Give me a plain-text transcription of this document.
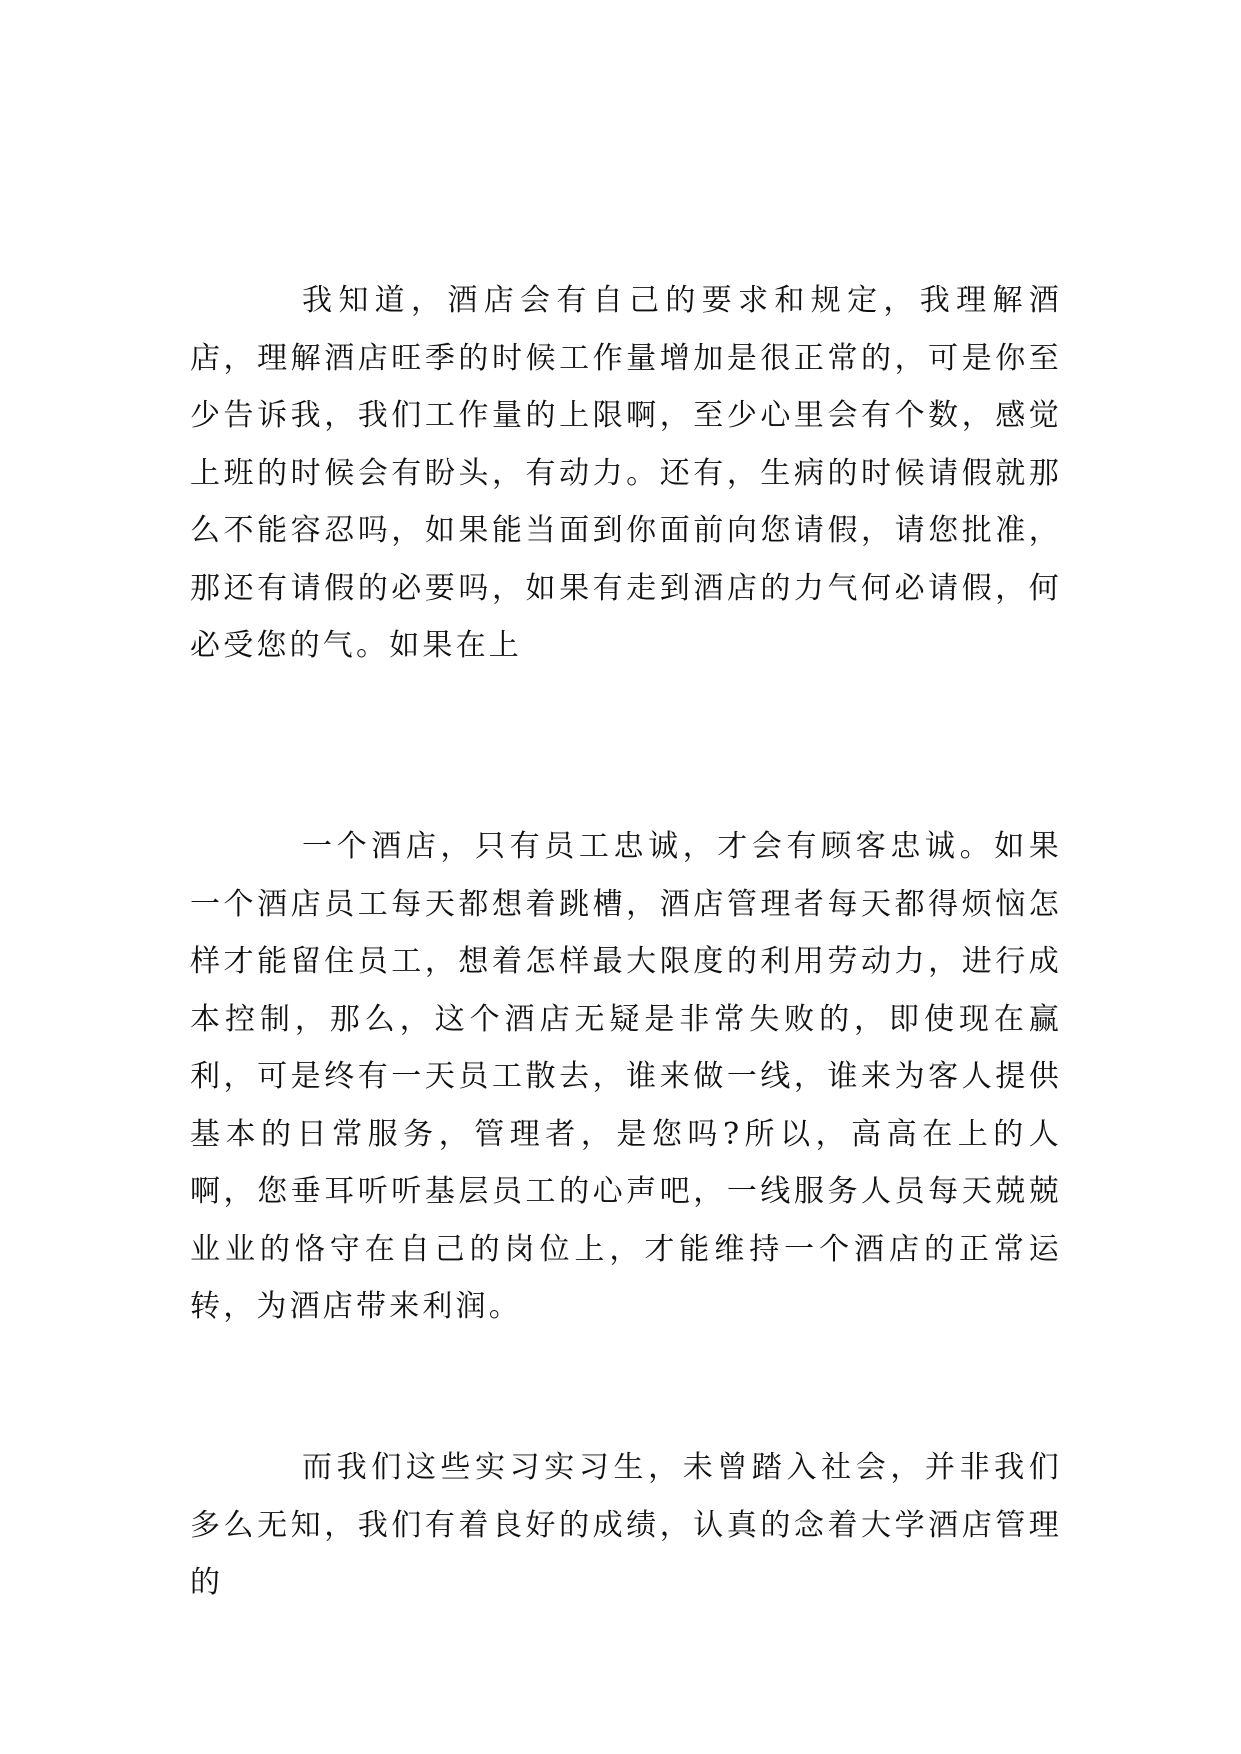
我知道，酒店会有自己的要求和规定，我理解酒店，理解酒店旺季的时候工作量增加是很正常的，可是你至少告诉我，我们工作量的上限啊，至少心里会有个数，感觉上班的时候会有盼头，有动力。还有，生病的时候请假就那么不能容忍吗，如果能当面到你面前向您请假，请您批准，那还有请假的必要吗，如果有走到酒店的力气何必请假，何必受您的气。如果在上

一个酒店，只有员工忠诚，才会有顾客忠诚。如果一个酒店员工每天都想着跳槽，酒店管理者每天都得烦恼怎样才能留住员工，想着怎样最大限度的利用劳动力，进行成本控制，那么，这个酒店无疑是非常失败的，即使现在赢利，可是终有一天员工散去，谁来做一线，谁来为客人提供基本的日常服务，管理者，是您吗?所以，高高在上的人啊，您垂耳听听基层员工的心声吧，一线服务人员每天兢兢业业的恪守在自己的岗位上，才能维持一个酒店的正常运转，为酒店带来利润。

而我们这些实习实习生，未曾踏入社会，并非我们多么无知，我们有着良好的成绩，认真的念着大学酒店管理的
